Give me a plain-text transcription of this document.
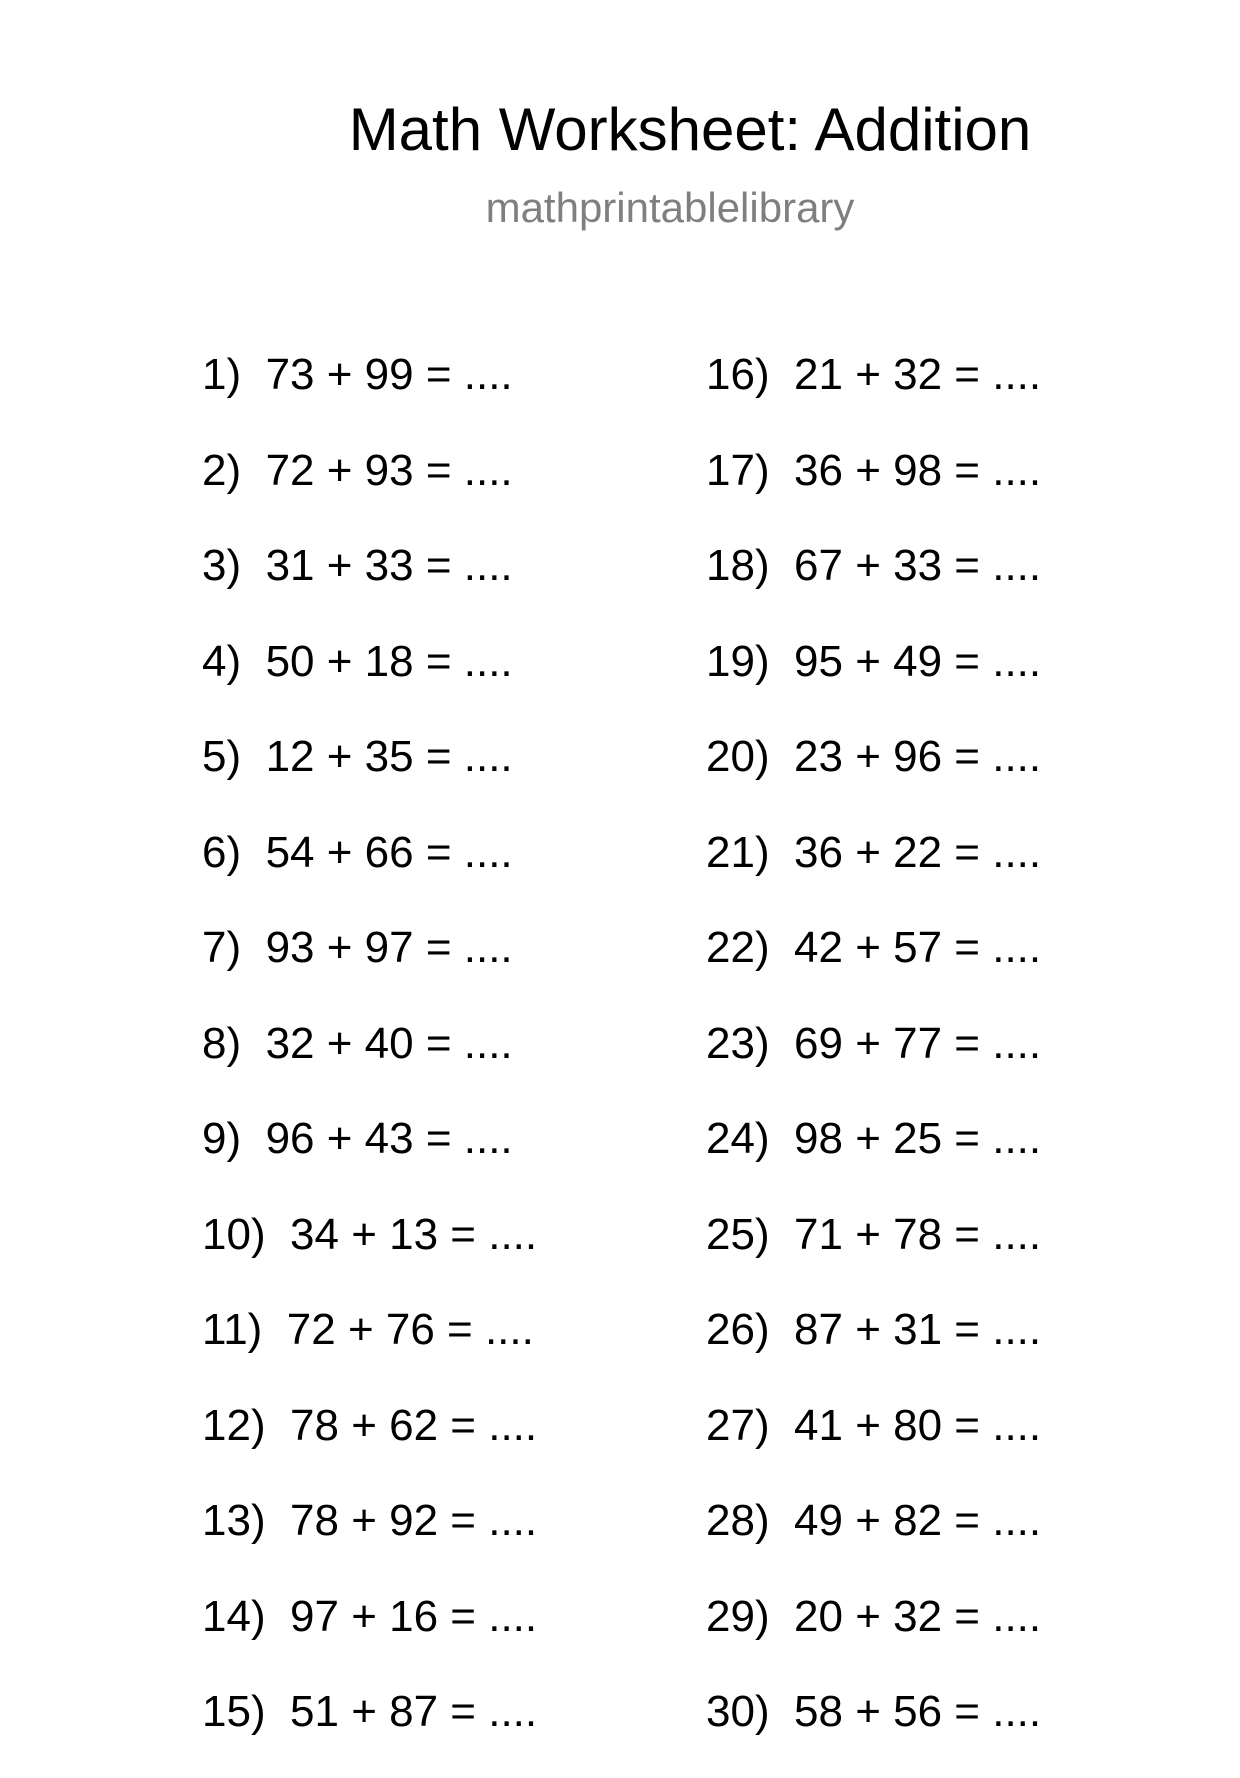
Math Worksheet: Addition
mathprintablelibrary
1)  73 + 99 = ....
2)  72 + 93 = ....
3)  31 + 33 = ....
4)  50 + 18 = ....
5)  12 + 35 = ....
6)  54 + 66 = ....
7)  93 + 97 = ....
8)  32 + 40 = ....
9)  96 + 43 = ....
10)  34 + 13 = ....
11)  72 + 76 = ....
12)  78 + 62 = ....
13)  78 + 92 = ....
14)  97 + 16 = ....
15)  51 + 87 = ....
16)  21 + 32 = ....
17)  36 + 98 = ....
18)  67 + 33 = ....
19)  95 + 49 = ....
20)  23 + 96 = ....
21)  36 + 22 = ....
22)  42 + 57 = ....
23)  69 + 77 = ....
24)  98 + 25 = ....
25)  71 + 78 = ....
26)  87 + 31 = ....
27)  41 + 80 = ....
28)  49 + 82 = ....
29)  20 + 32 = ....
30)  58 + 56 = ....
